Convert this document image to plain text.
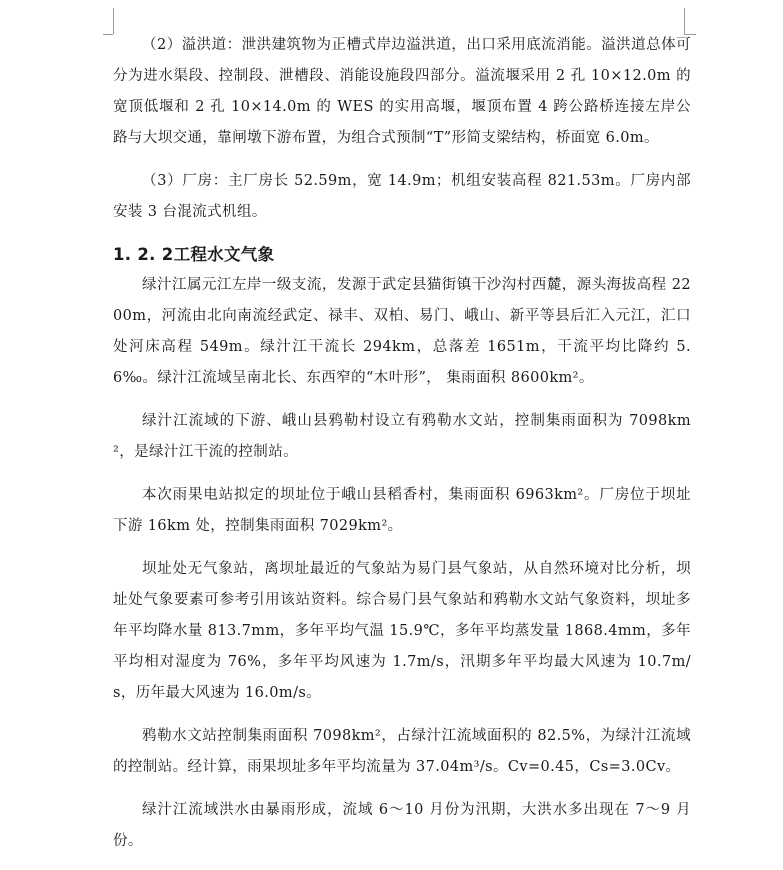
（2）溢洪道：泄洪建筑物为正槽式岸边溢洪道，出口采用底流消能。溢洪道总体可分为进水渠段、控制段、泄槽段、消能设施段四部分。溢流堰采用 2 孔 10×12.0m 的宽顶低堰和 2 孔 10×14.0m 的 WES 的实用高堰，堰顶布置 4 跨公路桥连接左岸公路与大坝交通，靠闸墩下游布置，为组合式预制“T”形简支梁结构，桥面宽 6.0m。

（3）厂房：主厂房长 52.59m，宽 14.9m；机组安装高程 821.53m。厂房内部安装 3 台混流式机组。

1. 2. 2工程水文气象

绿汁江属元江左岸一级支流，发源于武定县猫街镇干沙沟村西麓，源头海拔高程 2200m，河流由北向南流经武定、禄丰、双柏、易门、峨山、新平等县后汇入元江，汇口处河床高程 549m。绿汁江干流长 294km，总落差 1651m，干流平均比降约 5.6‰。绿汁江流域呈南北长、东西窄的“木叶形”， 集雨面积 8600km²。

绿汁江流域的下游、峨山县鸦勒村设立有鸦勒水文站，控制集雨面积为 7098km²，是绿汁江干流的控制站。

本次雨果电站拟定的坝址位于峨山县稻香村，集雨面积 6963km²。厂房位于坝址下游 16km 处，控制集雨面积 7029km²。

坝址处无气象站，离坝址最近的气象站为易门县气象站，从自然环境对比分析，坝址处气象要素可参考引用该站资料。综合易门县气象站和鸦勒水文站气象资料，坝址多年平均降水量 813.7mm，多年平均气温 15.9℃，多年平均蒸发量 1868.4mm，多年平均相对湿度为 76%，多年平均风速为 1.7m/s，汛期多年平均最大风速为 10.7m/s，历年最大风速为 16.0m/s。

鸦勒水文站控制集雨面积 7098km²，占绿汁江流域面积的 82.5%，为绿汁江流域的控制站。经计算，雨果坝址多年平均流量为 37.04m³/s。Cv=0.45，Cs=3.0Cv。

绿汁江流域洪水由暴雨形成，流域 6～10 月份为汛期，大洪水多出现在 7～9 月份。
